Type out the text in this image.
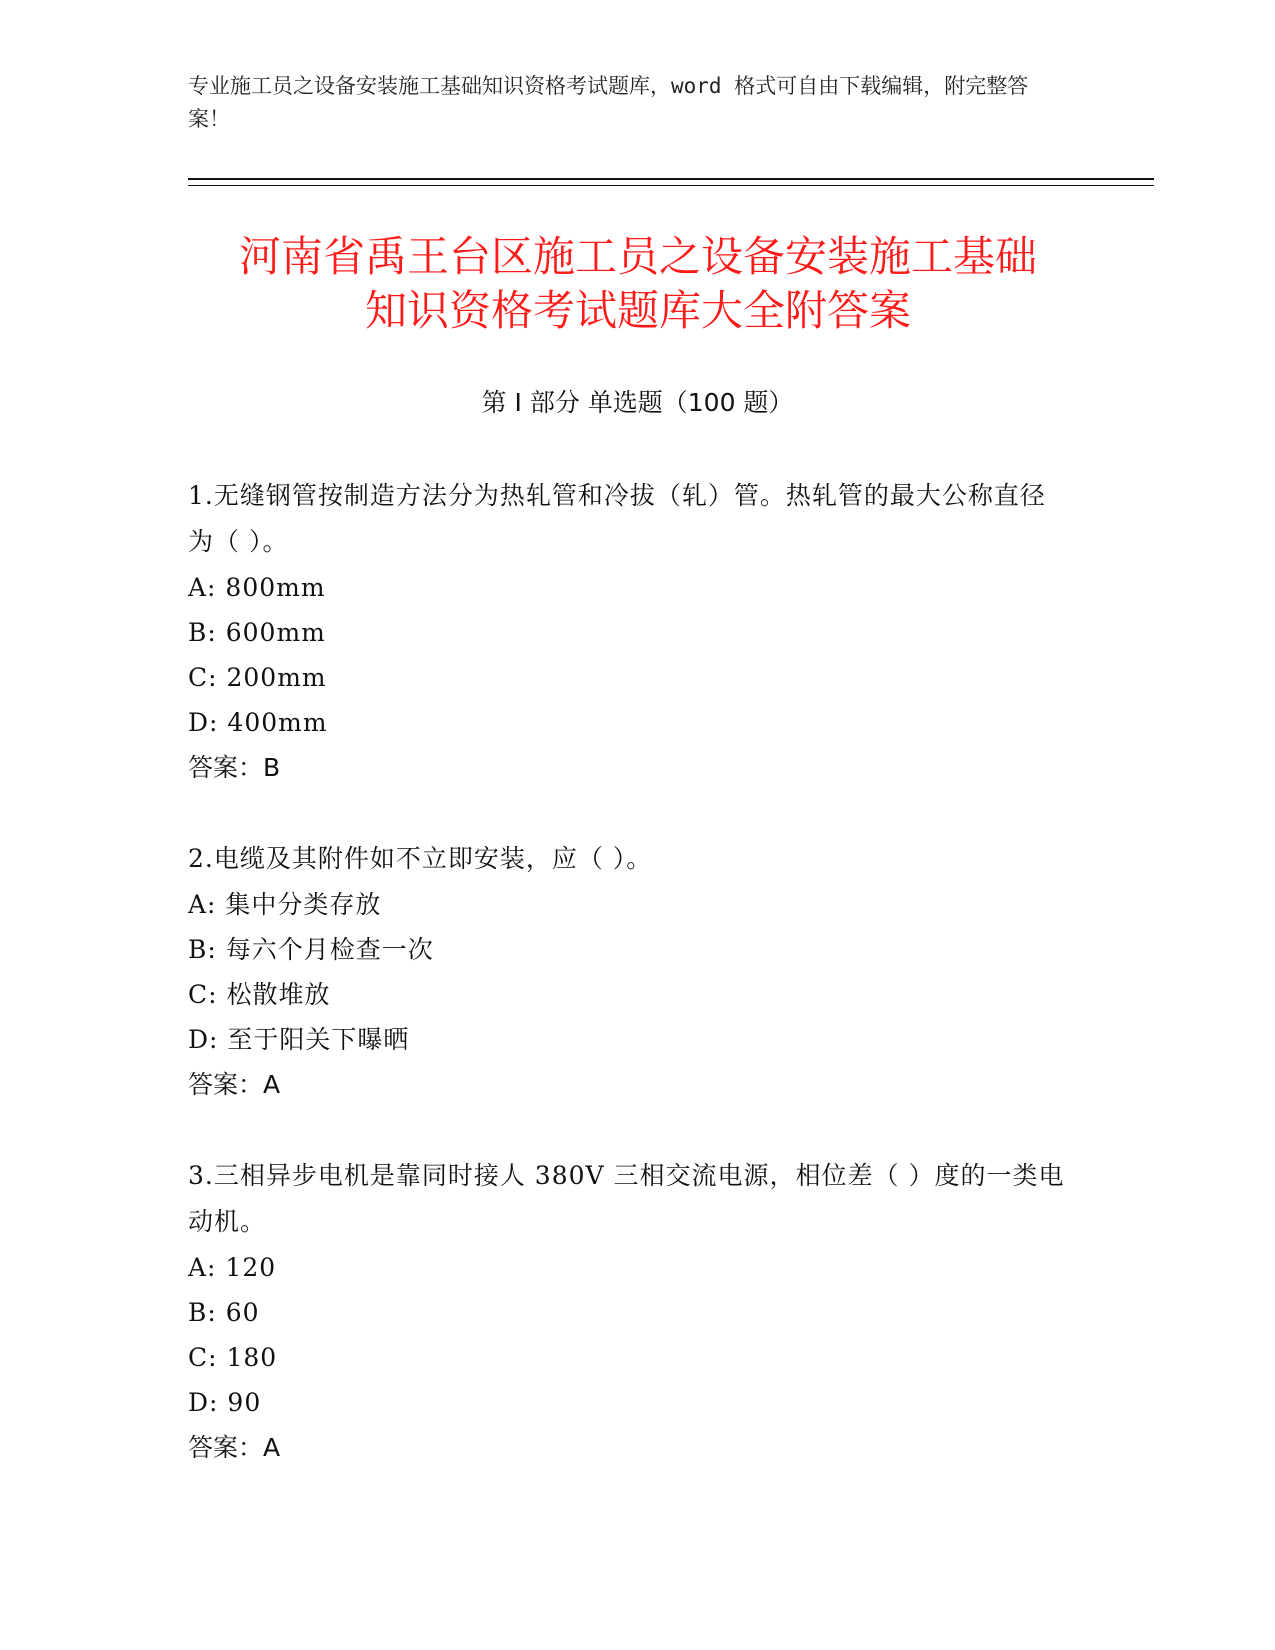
专业施工员之设备安装施工基础知识资格考试题库，word 格式可自由下载编辑，附完整答案！
河南省禹王台区施工员之设备安装施工基础
知识资格考试题库大全附答案
第 I 部分 单选题（100 题）

1.无缝钢管按制造方法分为热轧管和冷拔（轧）管。热轧管的最大公称直径为（ ）。

A: 800mm

B: 600mm

C: 200mm

D: 400mm

答案：B

2.电缆及其附件如不立即安装，应（ ）。

A: 集中分类存放

B: 每六个月检查一次

C: 松散堆放

D: 至于阳关下曝晒

答案：A

3.三相异步电机是靠同时接人 380V 三相交流电源，相位差（ ）度的一类电动机。

A: 120

B: 60

C: 180

D: 90

答案：A
